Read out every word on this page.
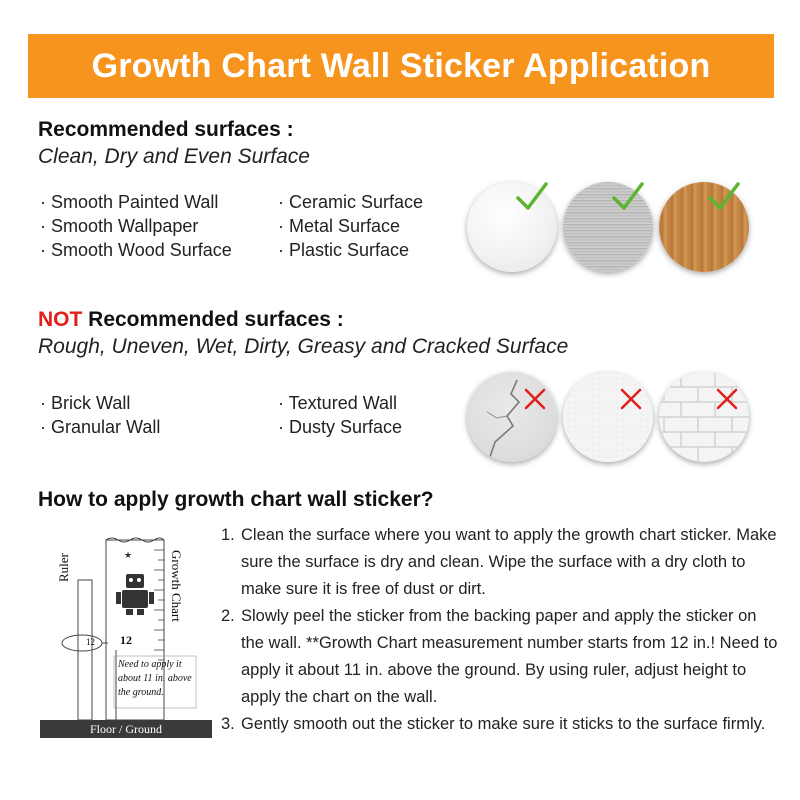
Growth Chart Wall Sticker Application
Recommended surfaces :
Clean, Dry and Even Surface
· Smooth Painted Wall
· Smooth Wallpaper
· Smooth Wood Surface
· Ceramic Surface
· Metal Surface
· Plastic Surface
NOT Recommended surfaces :
Rough, Uneven, Wet, Dirty, Greasy and Cracked Surface
· Brick Wall
· Granular Wall
· Textured Wall
· Dusty Surface
How to apply growth chart wall sticker?
★
Ruler	Growth Chart
12 12
Need to apply it
about 11 in. above
the ground.
Floor / Ground
1. Clean the surface where you want to apply the growth chart sticker. Make sure the surface is dry and clean. Wipe the surface with a dry cloth to make sure it is free of dust or dirt.
2. Slowly peel the sticker from the backing paper and apply the sticker on the wall. **Growth Chart measurement number starts from 12 in.! Need to apply it about 11 in. above the ground. By using ruler, adjust height to apply the chart on the wall.
3. Gently smooth out the sticker to make sure it sticks to the surface firmly.
